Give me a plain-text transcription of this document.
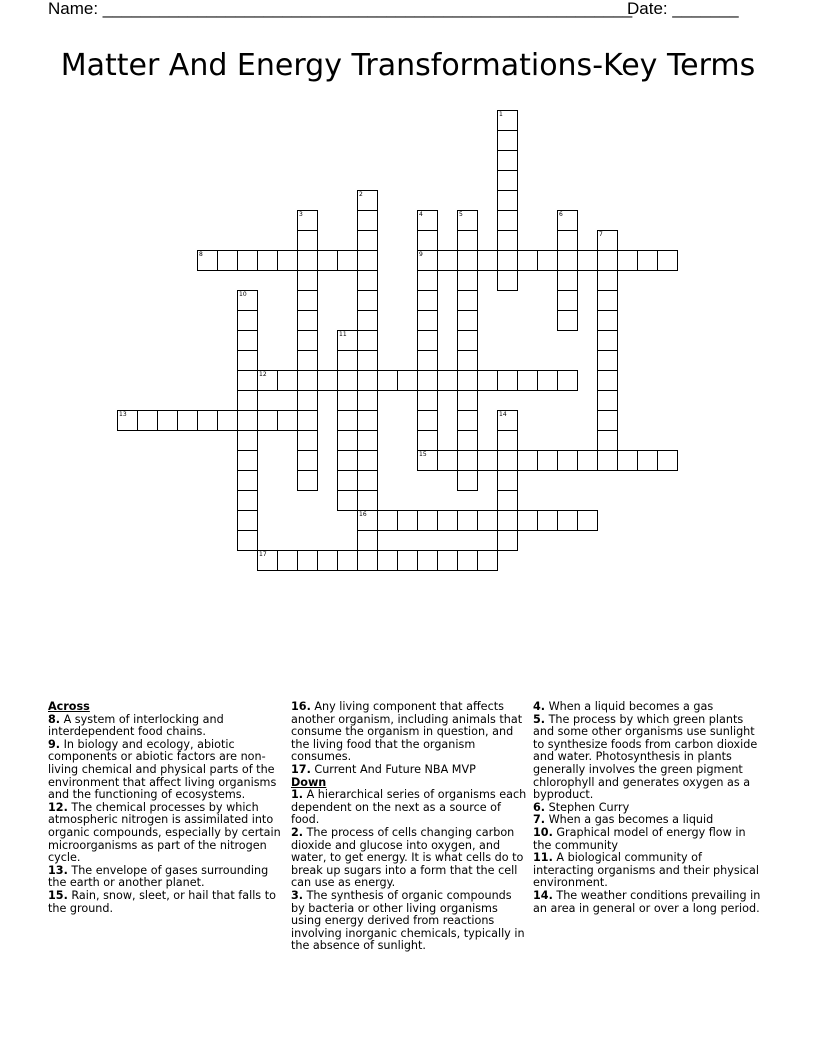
Name: ________________________________________________________
Date: _______
Matter And Energy Transformations-Key Terms
1
2
16
3	4
9
5	6
7
8
10
11
12
13	14
15
17
Across
8. A system of interlocking and interdependent food chains.
9. In biology and ecology, abiotic components or abiotic factors are non-living chemical and physical parts of the environment that affect living organisms and the functioning of ecosystems.
12. The chemical processes by which atmospheric nitrogen is assimilated into organic compounds, especially by certain microorganisms as part of the nitrogen cycle.
13. The envelope of gases surrounding the earth or another planet.
15. Rain, snow, sleet, or hail that falls to the ground.
16. Any living component that affects another organism, including animals that consume the organism in question, and the living food that the organism consumes.
17. Current And Future NBA MVP
Down
1. A hierarchical series of organisms each dependent on the next as a source of food.
2. The process of cells changing carbon dioxide and glucose into oxygen, and water, to get energy. It is what cells do to break up sugars into a form that the cell can use as energy.
3. The synthesis of organic compounds by bacteria or other living organisms using energy derived from reactions involving inorganic chemicals, typically in the absence of sunlight.
4. When a liquid becomes a gas
5. The process by which green plants and some other organisms use sunlight to synthesize foods from carbon dioxide and water. Photosynthesis in plants generally involves the green pigment chlorophyll and generates oxygen as a byproduct.
6. Stephen Curry
7. When a gas becomes a liquid
10. Graphical model of energy flow in the community
11. A biological community of interacting organisms and their physical environment.
14. The weather conditions prevailing in an area in general or over a long period.
